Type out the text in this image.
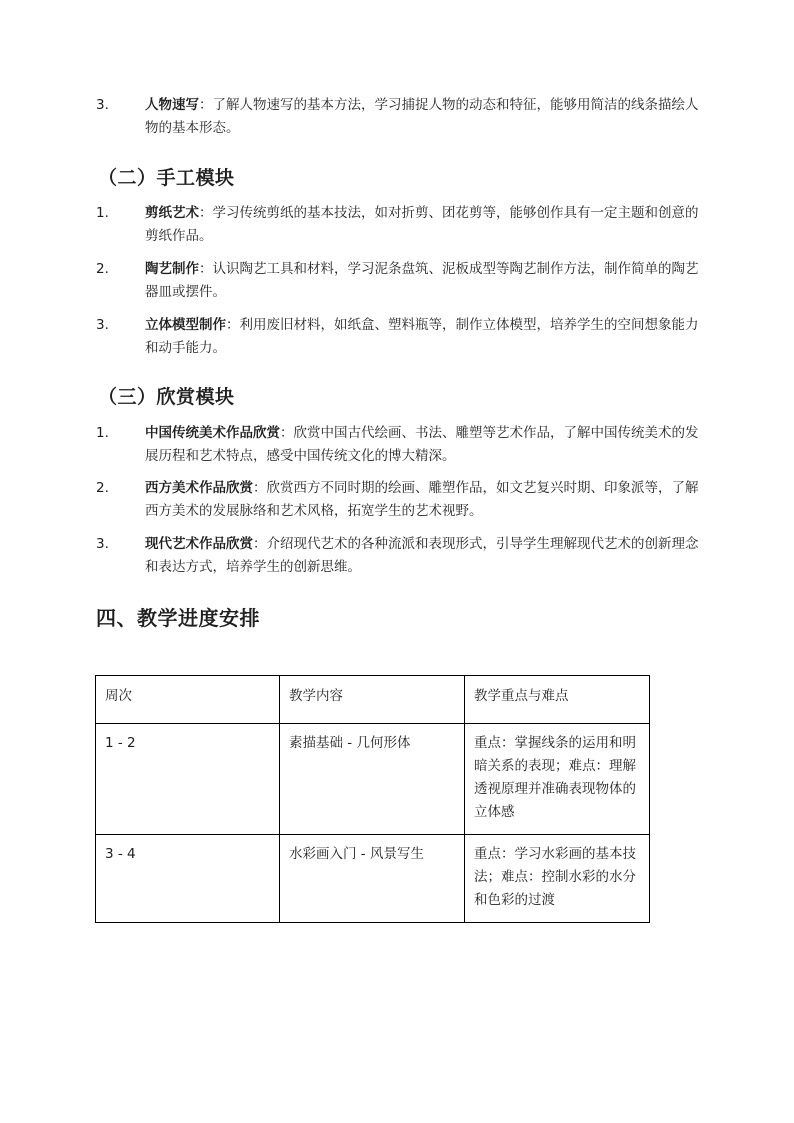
3.	人物速写：了解人物速写的基本方法，学习捕捉人物的动态和特征，能够用简洁的线条描绘人物的基本形态。
（二）手工模块
1.	剪纸艺术：学习传统剪纸的基本技法，如对折剪、团花剪等，能够创作具有一定主题和创意的剪纸作品。
2.	陶艺制作：认识陶艺工具和材料，学习泥条盘筑、泥板成型等陶艺制作方法，制作简单的陶艺器皿或摆件。
3.	立体模型制作：利用废旧材料，如纸盒、塑料瓶等，制作立体模型，培养学生的空间想象能力和动手能力。
（三）欣赏模块
1.	中国传统美术作品欣赏：欣赏中国古代绘画、书法、雕塑等艺术作品，了解中国传统美术的发展历程和艺术特点，感受中国传统文化的博大精深。
2.	西方美术作品欣赏：欣赏西方不同时期的绘画、雕塑作品，如文艺复兴时期、印象派等，了解西方美术的发展脉络和艺术风格，拓宽学生的艺术视野。
3.	现代艺术作品欣赏：介绍现代艺术的各种流派和表现形式，引导学生理解现代艺术的创新理念和表达方式，培养学生的创新思维。
四、教学进度安排
周次	教学内容	教学重点与难点
1 - 2	素描基础 - 几何形体	重点：掌握线条的运用和明暗关系的表现；难点：理解透视原理并准确表现物体的立体感
3 - 4	水彩画入门 - 风景写生	重点：学习水彩画的基本技法；难点：控制水彩的水分和色彩的过渡
